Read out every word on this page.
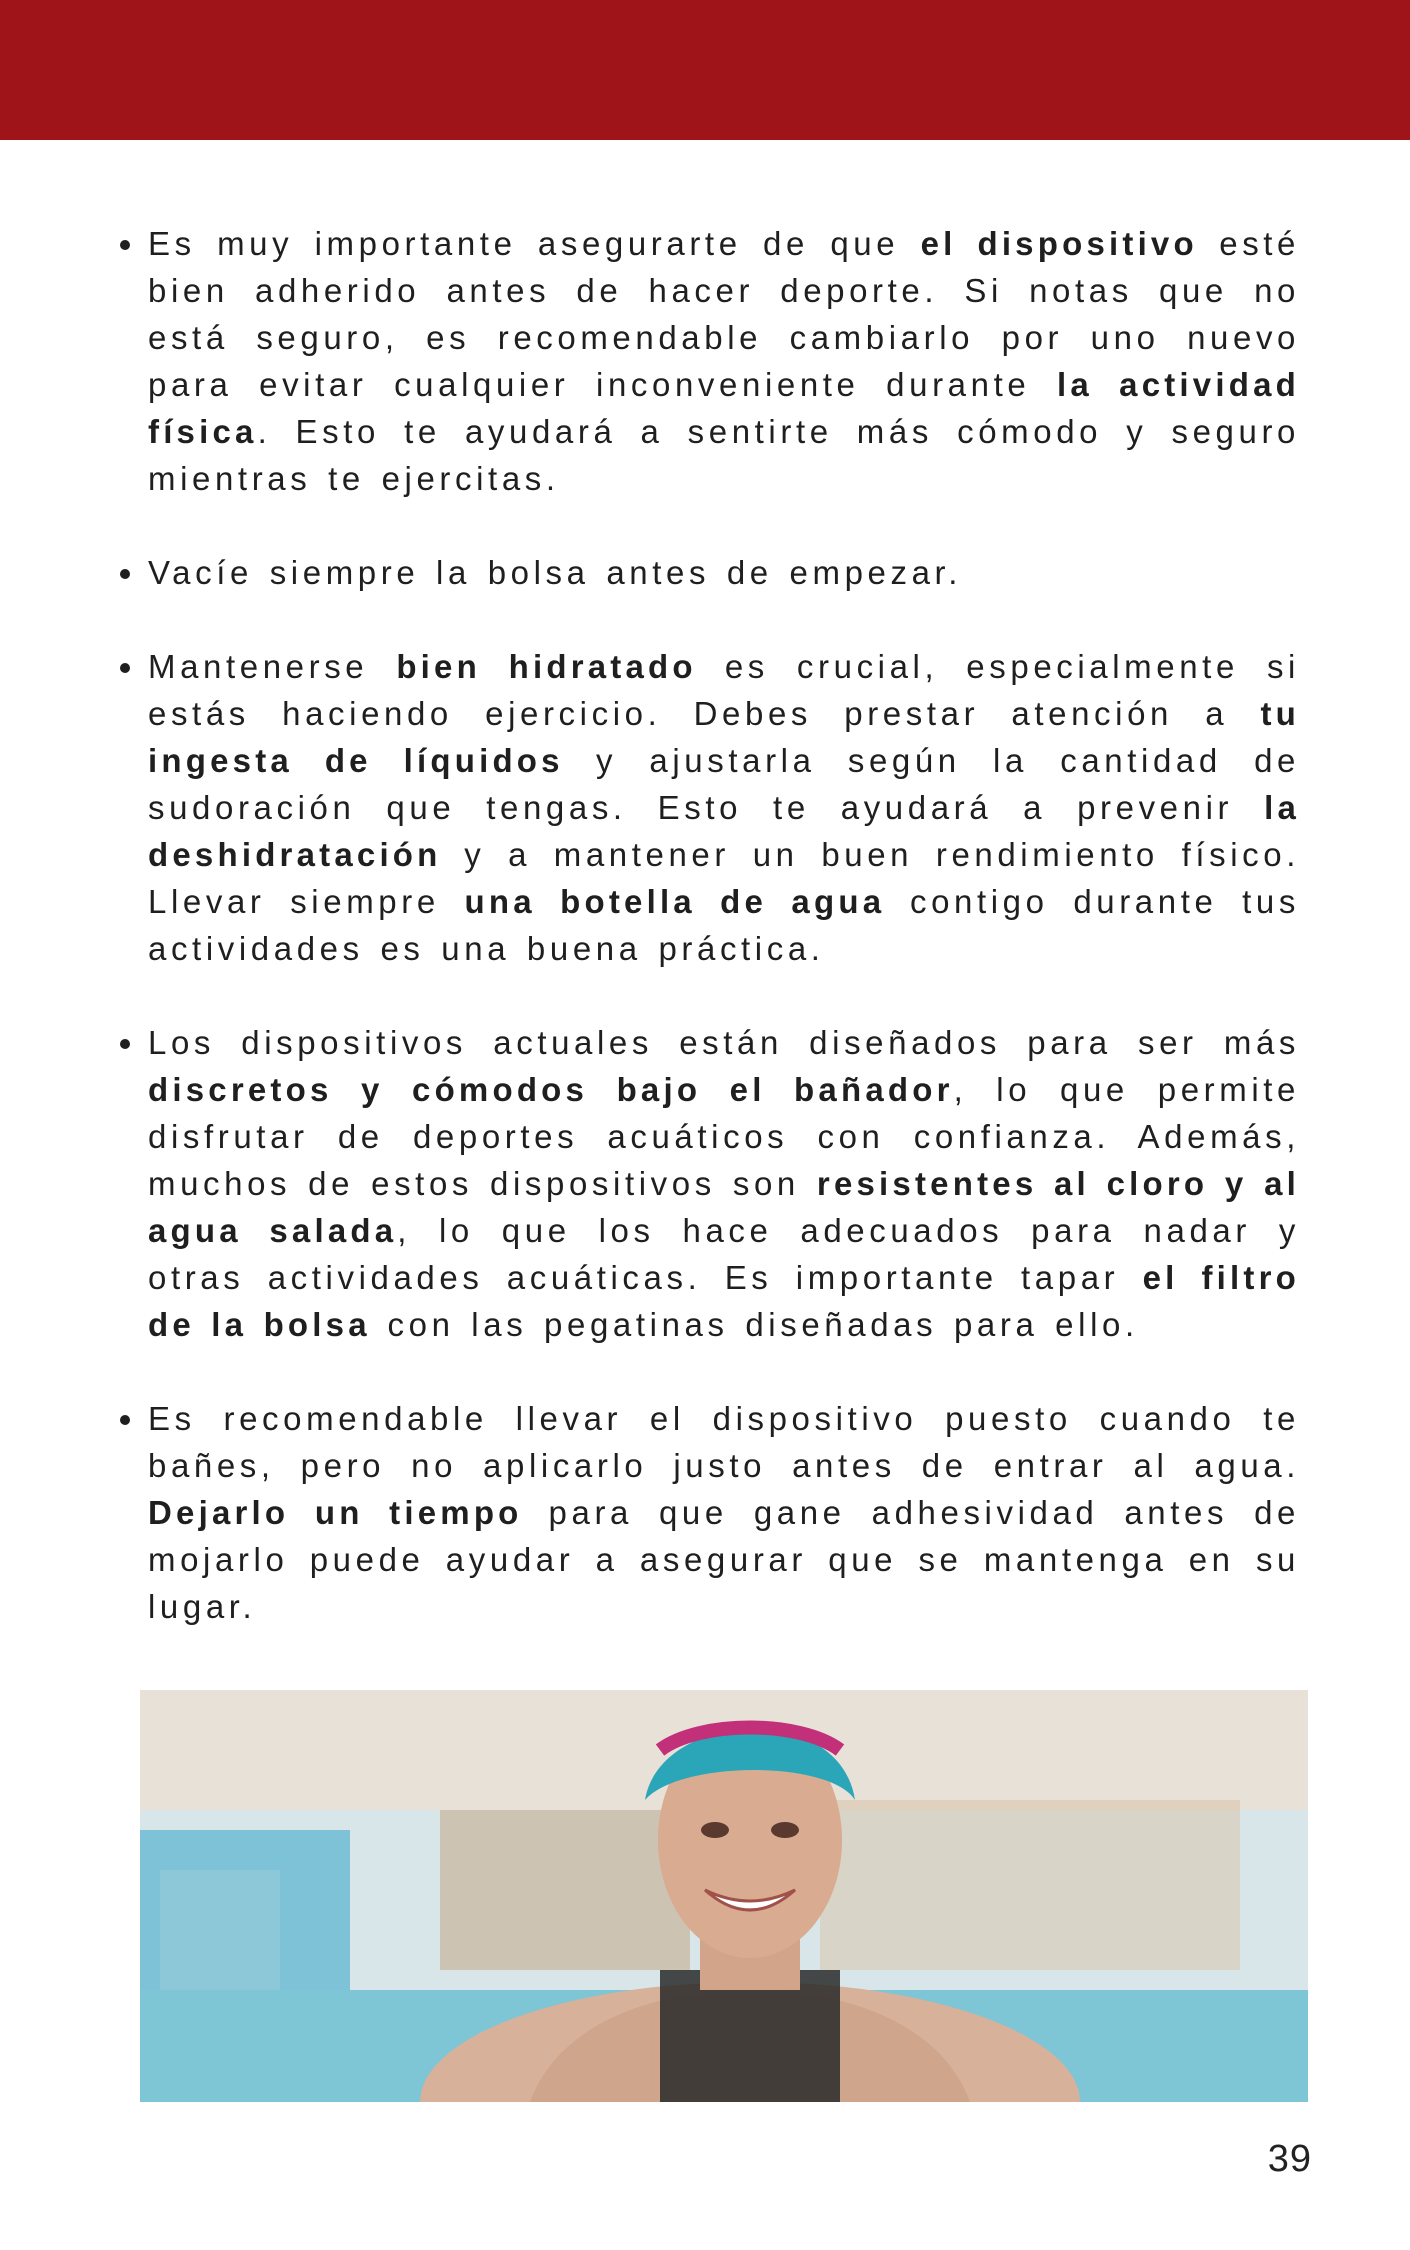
Es muy importante asegurarte de que el dispositivo esté bien adherido antes de hacer deporte. Si notas que no está seguro, es recomendable cambiarlo por uno nuevo para evitar cualquier inconveniente durante la actividad física. Esto te ayudará a sentirte más cómodo y seguro mientras te ejercitas.
Vacíe siempre la bolsa antes de empezar.
Mantenerse bien hidratado es crucial, especialmente si estás haciendo ejercicio. Debes prestar atención a tu ingesta de líquidos y ajustarla según la cantidad de sudoración que tengas. Esto te ayudará a prevenir la deshidratación y a mantener un buen rendimiento físico. Llevar siempre una botella de agua contigo durante tus actividades es una buena práctica.
Los dispositivos actuales están diseñados para ser más discretos y cómodos bajo el bañador, lo que permite disfrutar de deportes acuáticos con confianza. Además, muchos de estos dispositivos son resistentes al cloro y al agua salada, lo que los hace adecuados para nadar y otras actividades acuáticas. Es importante tapar el filtro de la bolsa con las pegatinas diseñadas para ello.
Es recomendable llevar el dispositivo puesto cuando te bañes, pero no aplicarlo justo antes de entrar al agua. Dejarlo un tiempo para que gane adhesividad antes de mojarlo puede ayudar a asegurar que se mantenga en su lugar.
39
